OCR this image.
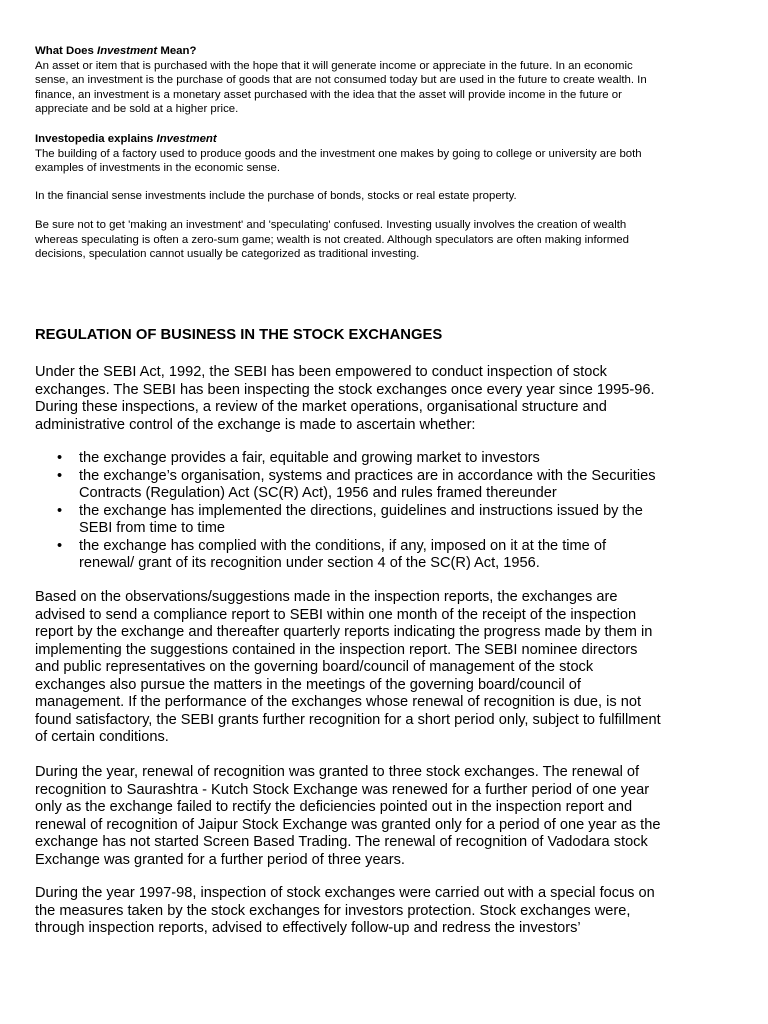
What Does Investment Mean?

An asset or item that is purchased with the hope that it will generate income or appreciate in the future. In an economic sense, an investment is the purchase of goods that are not consumed today but are used in the future to create wealth. In finance, an investment is a monetary asset purchased with the idea that the asset will provide income in the future or appreciate and be sold at a higher price.

Investopedia explains Investment

The building of a factory used to produce goods and the investment one makes by going to college or university are both examples of investments in the economic sense.

In the financial sense investments include the purchase of bonds, stocks or real estate property.

Be sure not to get 'making an investment' and 'speculating' confused. Investing usually involves the creation of wealth whereas speculating is often a zero-sum game; wealth is not created. Although speculators are often making informed decisions, speculation cannot usually be categorized as traditional investing.

REGULATION OF BUSINESS IN THE STOCK EXCHANGES

Under the SEBI Act, 1992, the SEBI has been empowered to conduct inspection of stock exchanges. The SEBI has been inspecting the stock exchanges once every year since 1995-96. During these inspections, a review of the market operations, organisational structure and administrative control of the exchange is made to ascertain whether:

• the exchange provides a fair, equitable and growing market to investors
• the exchange’s organisation, systems and practices are in accordance with the Securities Contracts (Regulation) Act (SC(R) Act), 1956 and rules framed thereunder
• the exchange has implemented the directions, guidelines and instructions issued by the SEBI from time to time
• the exchange has complied with the conditions, if any, imposed on it at the time of renewal/ grant of its recognition under section 4 of the SC(R) Act, 1956.

Based on the observations/suggestions made in the inspection reports, the exchanges are advised to send a compliance report to SEBI within one month of the receipt of the inspection report by the exchange and thereafter quarterly reports indicating the progress made by them in implementing the suggestions contained in the inspection report. The SEBI nominee directors and public representatives on the governing board/council of management of the stock exchanges also pursue the matters in the meetings of the governing board/council of management. If the performance of the exchanges whose renewal of recognition is due, is not found satisfactory, the SEBI grants further recognition for a short period only, subject to fulfillment of certain conditions.

During the year, renewal of recognition was granted to three stock exchanges. The renewal of recognition to Saurashtra - Kutch Stock Exchange was renewed for a further period of one year only as the exchange failed to rectify the deficiencies pointed out in the inspection report and renewal of recognition of Jaipur Stock Exchange was granted only for a period of one year as the exchange has not started Screen Based Trading. The renewal of recognition of Vadodara stock Exchange was granted for a further period of three years.

During the year 1997-98, inspection of stock exchanges were carried out with a special focus on the measures taken by the stock exchanges for investors protection. Stock exchanges were, through inspection reports, advised to effectively follow-up and redress the investors’
